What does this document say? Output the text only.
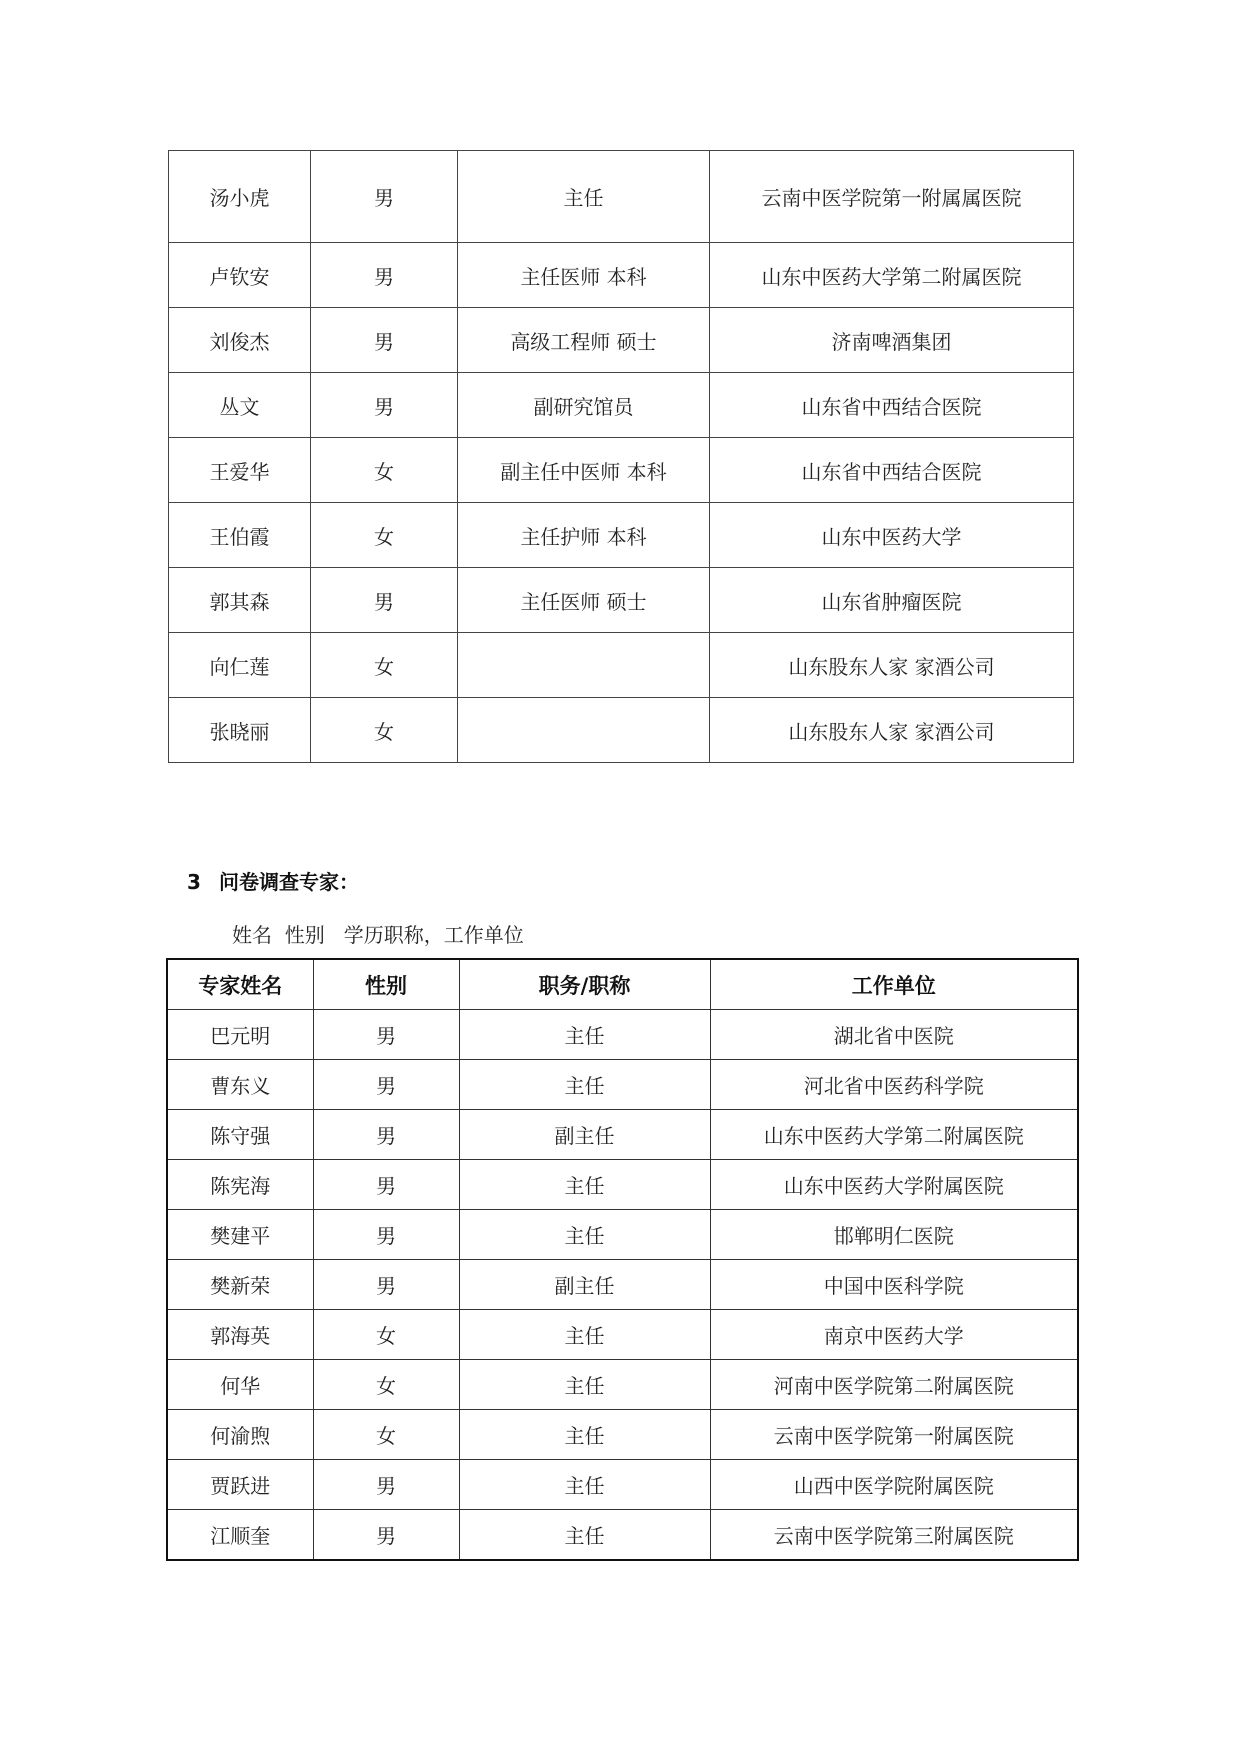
汤小虎	男	主任	云南中医学院第一附属属医院
卢钦安	男	主任医师 本科	山东中医药大学第二附属医院
刘俊杰	男	高级工程师 硕士	济南啤酒集团
丛文	男	副研究馆员	山东省中西结合医院
王爱华	女	副主任中医师 本科	山东省中西结合医院
王伯霞	女	主任护师 本科	山东中医药大学
郭其森	男	主任医师 硕士	山东省肿瘤医院
向仁莲	女		山东股东人家 家酒公司
张晓丽	女		山东股东人家 家酒公司
3 问卷调查专家：

姓名  性别   学历职称，工作单位

专家姓名	性别	职务/职称	工作单位
巴元明	男	主任	湖北省中医院
曹东义	男	主任	河北省中医药科学院
陈守强	男	副主任	山东中医药大学第二附属医院
陈宪海	男	主任	山东中医药大学附属医院
樊建平	男	主任	邯郸明仁医院
樊新荣	男	副主任	中国中医科学院
郭海英	女	主任	南京中医药大学
何华	女	主任	河南中医学院第二附属医院
何渝煦	女	主任	云南中医学院第一附属医院
贾跃进	男	主任	山西中医学院附属医院
江顺奎	男	主任	云南中医学院第三附属医院
